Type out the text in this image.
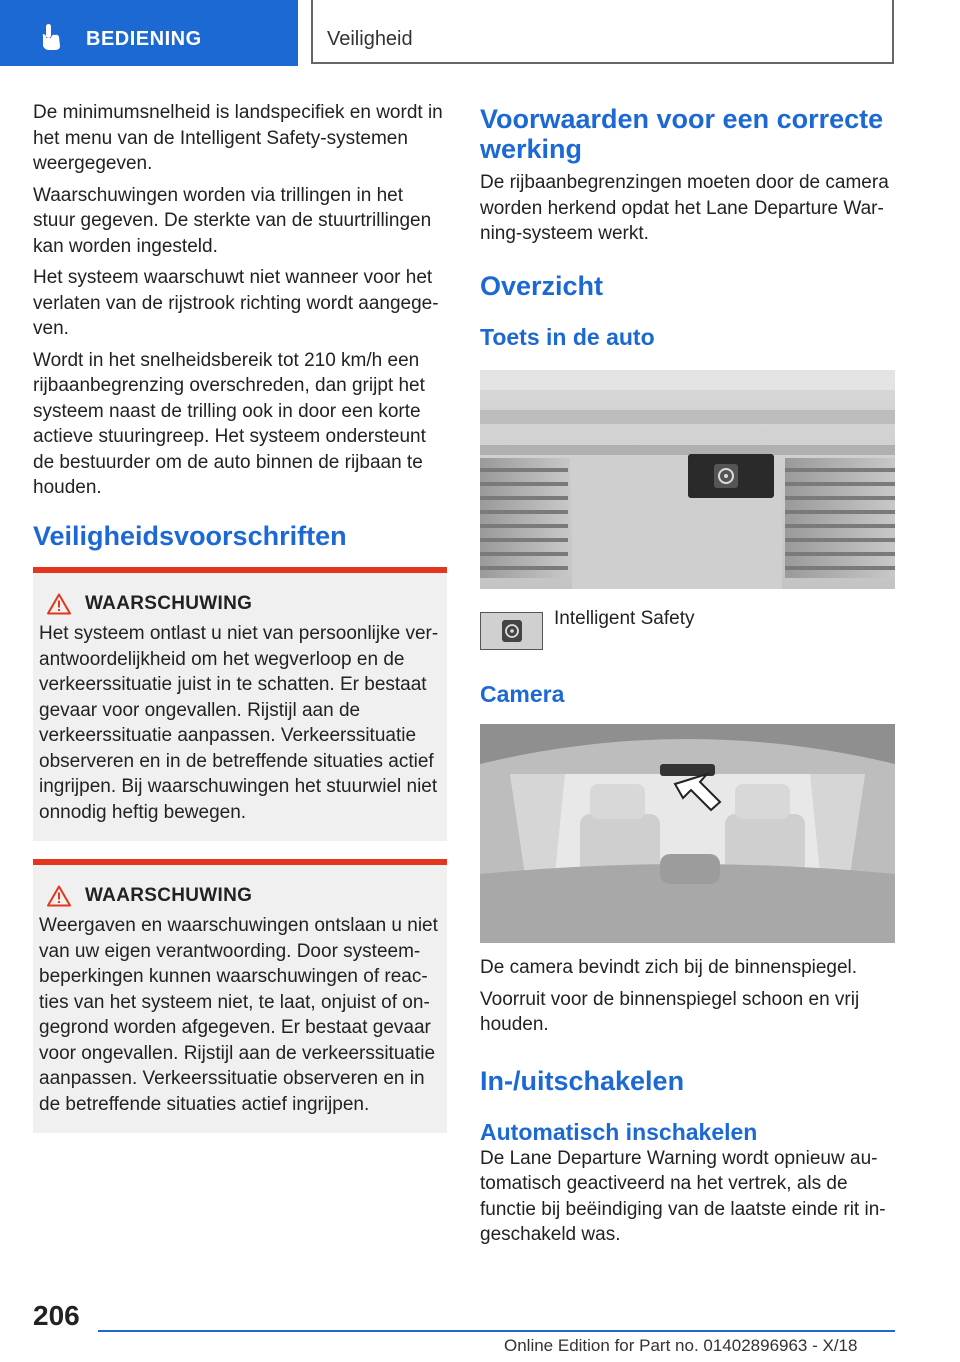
BEDIENING	Veiligheid

De minimumsnelheid is landspecifiek en wordt in het menu van de Intelligent Safety-systemen weergegeven.

Waarschuwingen worden via trillingen in het stuur gegeven. De sterkte van de stuurtrillingen kan worden ingesteld.

Het systeem waarschuwt niet wanneer voor het verlaten van de rijstrook richting wordt aangegeven.

Wordt in het snelheidsbereik tot 210 km/h een rijbaanbegrenzing overschreden, dan grijpt het systeem naast de trilling ook in door een korte actieve stuuringreep. Het systeem ondersteunt de bestuurder om de auto binnen de rijbaan te houden.

Veiligheidsvoorschriften
WAARSCHUWING

Het systeem ontlast u niet van persoonlijke verantwoordelijkheid om het wegverloop en de verkeerssituatie juist in te schatten. Er bestaat gevaar voor ongevallen. Rijstijl aan de verkeerssituatie aanpassen. Verkeerssituatie observeren en in de betreffende situaties actief ingrijpen. Bij waarschuwingen het stuurwiel niet onnodig heftig bewegen.

WAARSCHUWING

Weergaven en waarschuwingen ontslaan u niet van uw eigen verantwoording. Door systeembeperkingen kunnen waarschuwingen of reacties van het systeem niet, te laat, onjuist of ongegrond worden afgegeven. Er bestaat gevaar voor ongevallen. Rijstijl aan de verkeerssituatie aanpassen. Verkeerssituatie observeren en in de betreffende situaties actief ingrijpen.

Voorwaarden voor een correcte werking

De rijbaanbegrenzingen moeten door de camera worden herkend opdat het Lane Departure Warning-systeem werkt.

Overzicht
Toets in de auto
Intelligent Safety
Camera

De camera bevindt zich bij de binnenspiegel.

Voorruit voor de binnenspiegel schoon en vrij houden.

In-/uitschakelen
Automatisch inschakelen

De Lane Departure Warning wordt opnieuw automatisch geactiveerd na het vertrek, als de functie bij beëindiging van de laatste einde rit ingeschakeld was.

206
Online Edition for Part no. 01402896963 - X/18
